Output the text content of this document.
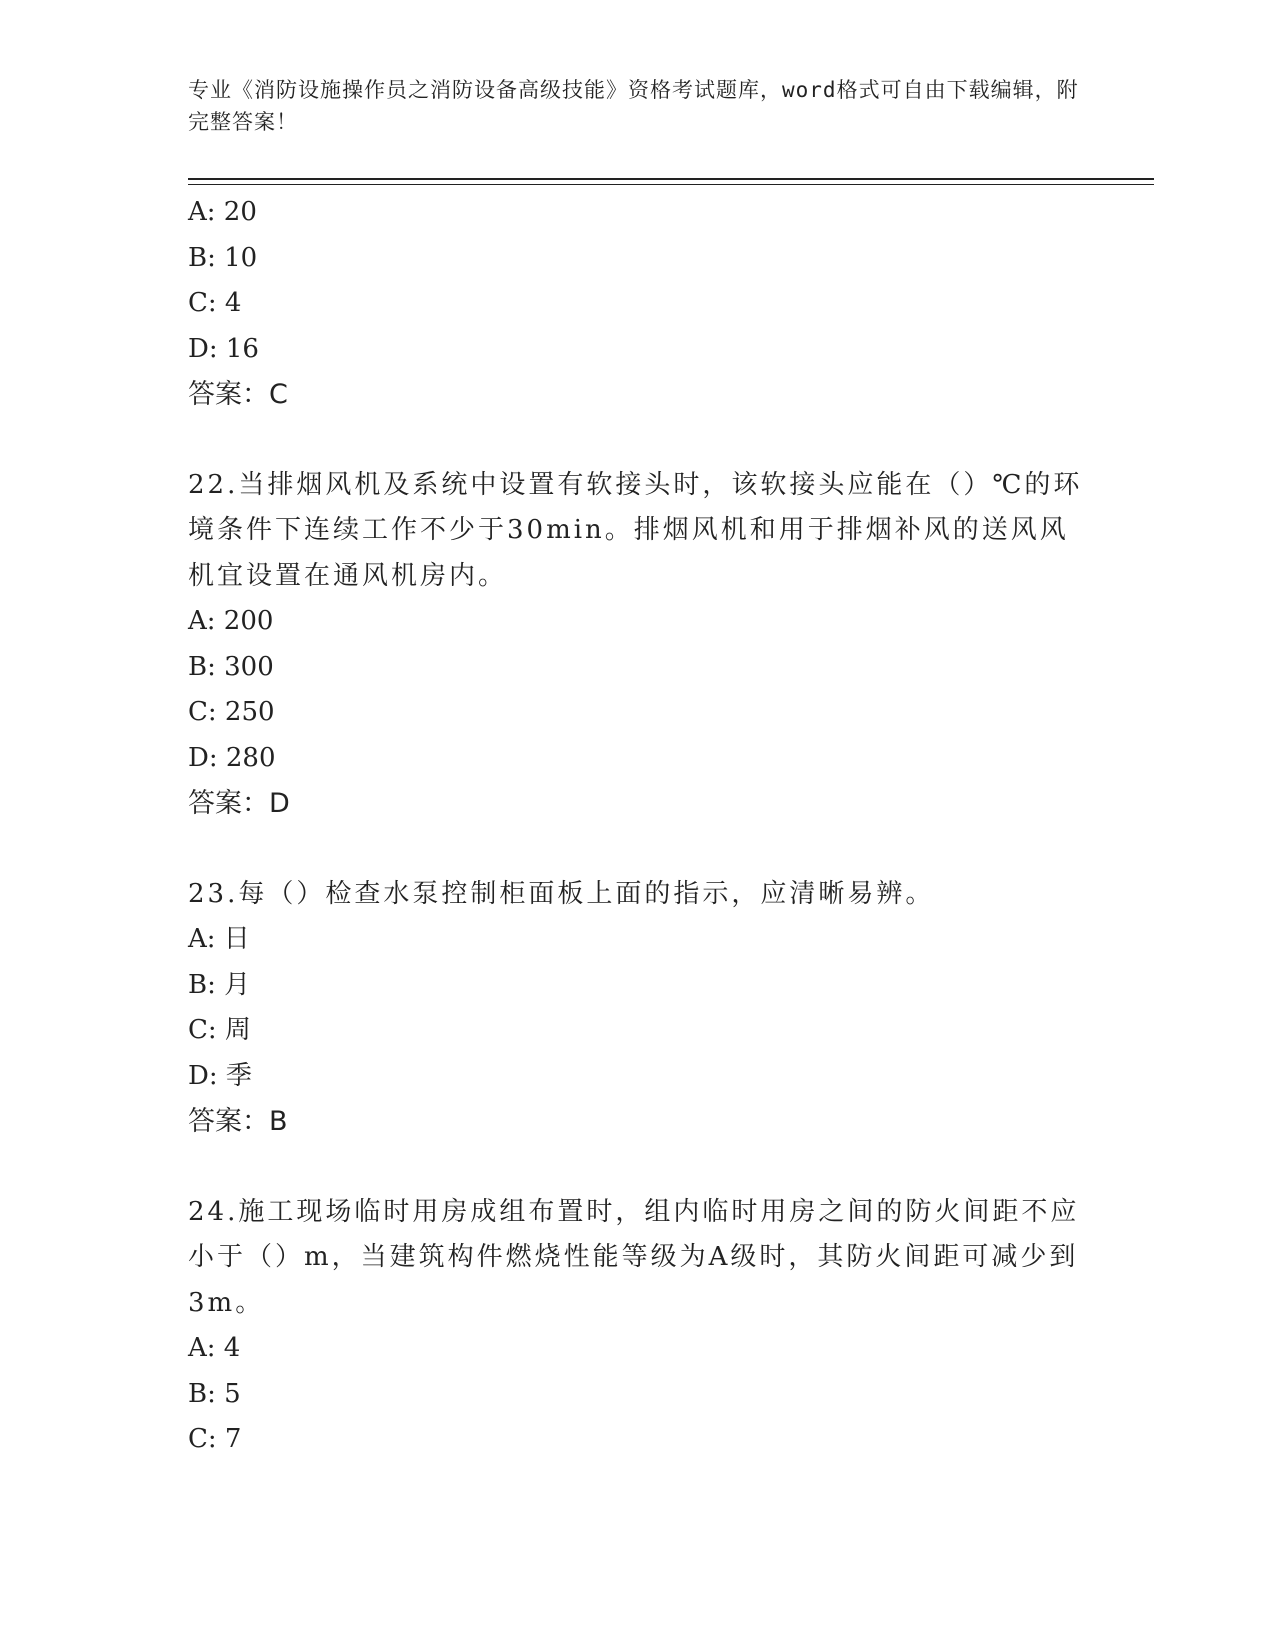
专业《消防设施操作员之消防设备高级技能》资格考试题库，word格式可自由下载编辑，附完整答案！
A: 20
B: 10
C: 4
D: 16
答案：C
22.当排烟风机及系统中设置有软接头时，该软接头应能在（）℃的环境条件下连续工作不少于30min。排烟风机和用于排烟补风的送风风机宜设置在通风机房内。
A: 200
B: 300
C: 250
D: 280
答案：D
23.每（）检查水泵控制柜面板上面的指示，应清晰易辨。
A: 日
B: 月
C: 周
D: 季
答案：B
24.施工现场临时用房成组布置时，组内临时用房之间的防火间距不应小于（）m，当建筑构件燃烧性能等级为A级时，其防火间距可减少到3m。
A: 4
B: 5
C: 7
